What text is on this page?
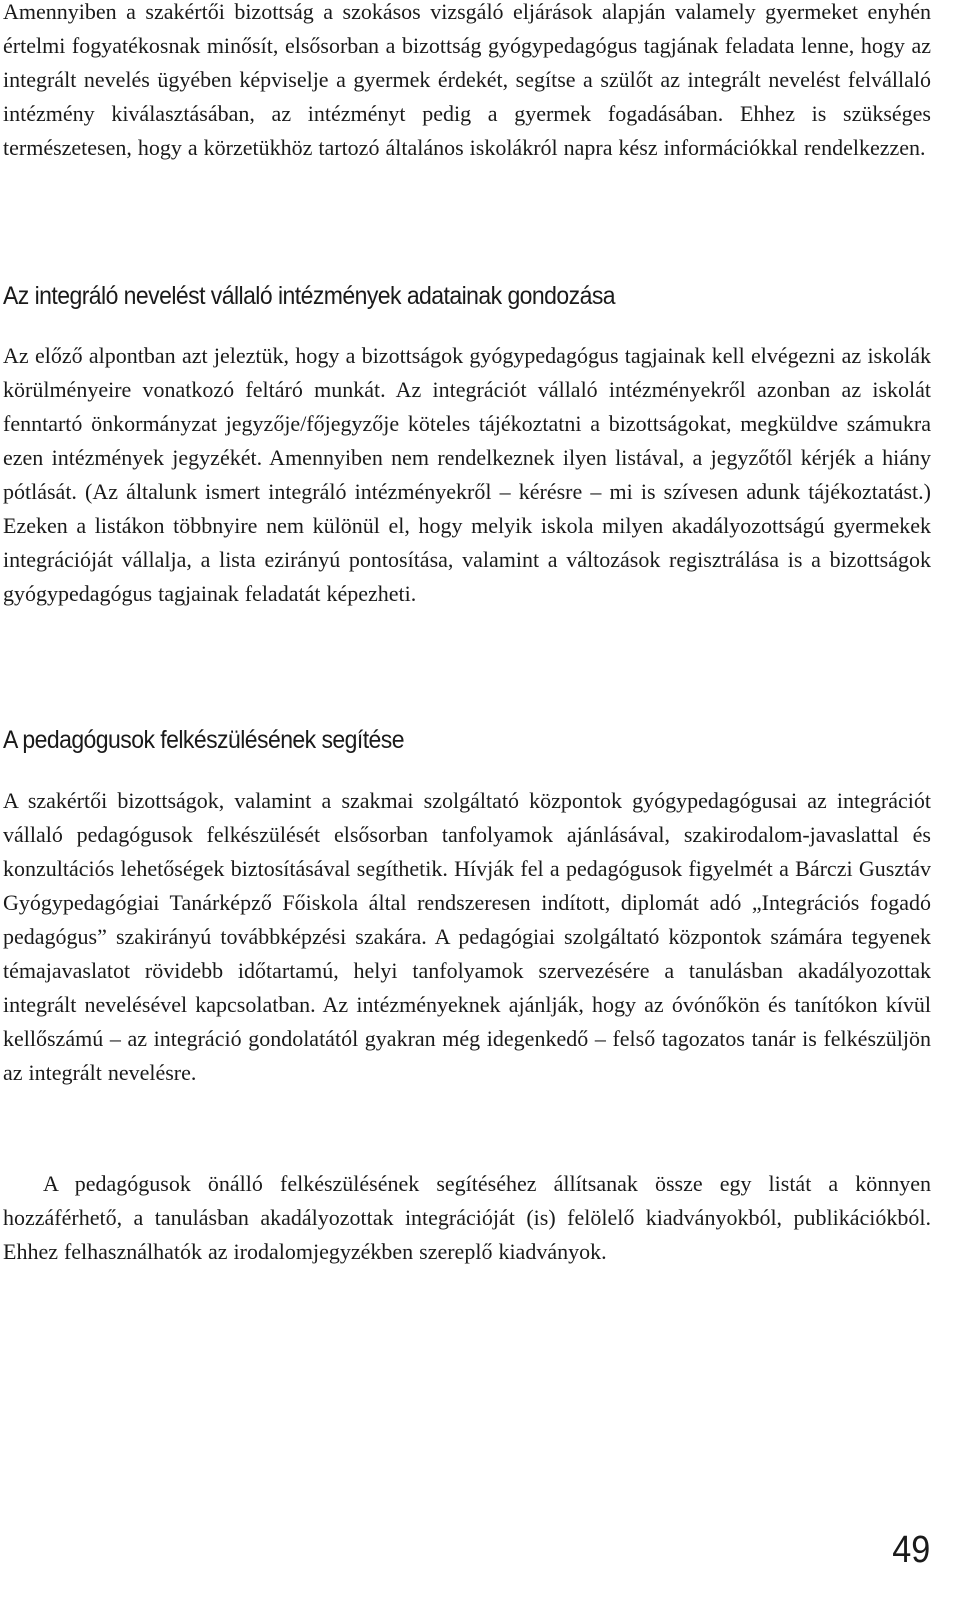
Amennyiben a szakértői bizottság a szokásos vizsgáló eljárások alapján valamely gyermeket enyhén értelmi fogyatékosnak minősít, elsősorban a bizottság gyógypedagógus tagjának feladata lenne, hogy az integrált nevelés ügyében képviselje a gyermek érdekét, segítse a szülőt az integrált nevelést felvállaló intézmény kiválasztásában, az intézményt pedig a gyermek fogadásában. Ehhez is szükséges természetesen, hogy a körzetükhöz tartozó általános iskolákról napra kész információkkal rendelkezzen.

Az integráló nevelést vállaló intézmények adatainak gondozása

Az előző alpontban azt jeleztük, hogy a bizottságok gyógypedagógus tagjainak kell elvégezni az iskolák körülményeire vonatkozó feltáró munkát. Az integrációt vállaló intézményekről azonban az iskolát fenntartó önkormányzat jegyzője/főjegyzője köteles tájékoztatni a bizottságokat, megküldve számukra ezen intézmények jegyzékét. Amennyiben nem rendelkeznek ilyen listával, a jegyzőtől kérjék a hiány pótlását. (Az általunk ismert integráló intézményekről – kérésre – mi is szívesen adunk tájékoztatást.) Ezeken a listákon többnyire nem különül el, hogy melyik iskola milyen akadályozottságú gyermekek integrációját vállalja, a lista ezirányú pontosítása, valamint a változások regisztrálása is a bizottságok gyógypedagógus tagjainak feladatát képezheti.

A pedagógusok felkészülésének segítése

A szakértői bizottságok, valamint a szakmai szolgáltató központok gyógypedagógusai az integrációt vállaló pedagógusok felkészülését elsősorban tanfolyamok ajánlásával, szakirodalom-javaslattal és konzultációs lehetőségek biztosításával segíthetik. Hívják fel a pedagógusok figyelmét a Bárczi Gusztáv Gyógypedagógiai Tanárképző Főiskola által rendszeresen indított, diplomát adó „Integrációs fogadó pedagógus” szakirányú továbbképzési szakára. A pedagógiai szolgáltató központok számára tegyenek témajavaslatot rövidebb időtartamú, helyi tanfolyamok szervezésére a tanulásban akadályozottak integrált nevelésével kapcsolatban. Az intézményeknek ajánlják, hogy az óvónőkön és tanítókon kívül kellőszámú – az integráció gondolatától gyakran még idegenkedő – felső tagozatos tanár is felkészüljön az integrált nevelésre.

A pedagógusok önálló felkészülésének segítéséhez állítsanak össze egy listát a könnyen hozzáférhető, a tanulásban akadályozottak integrációját (is) felölelő kiadványokból, publikációkból. Ehhez felhasználhatók az irodalomjegyzékben szereplő kiadványok.

49
